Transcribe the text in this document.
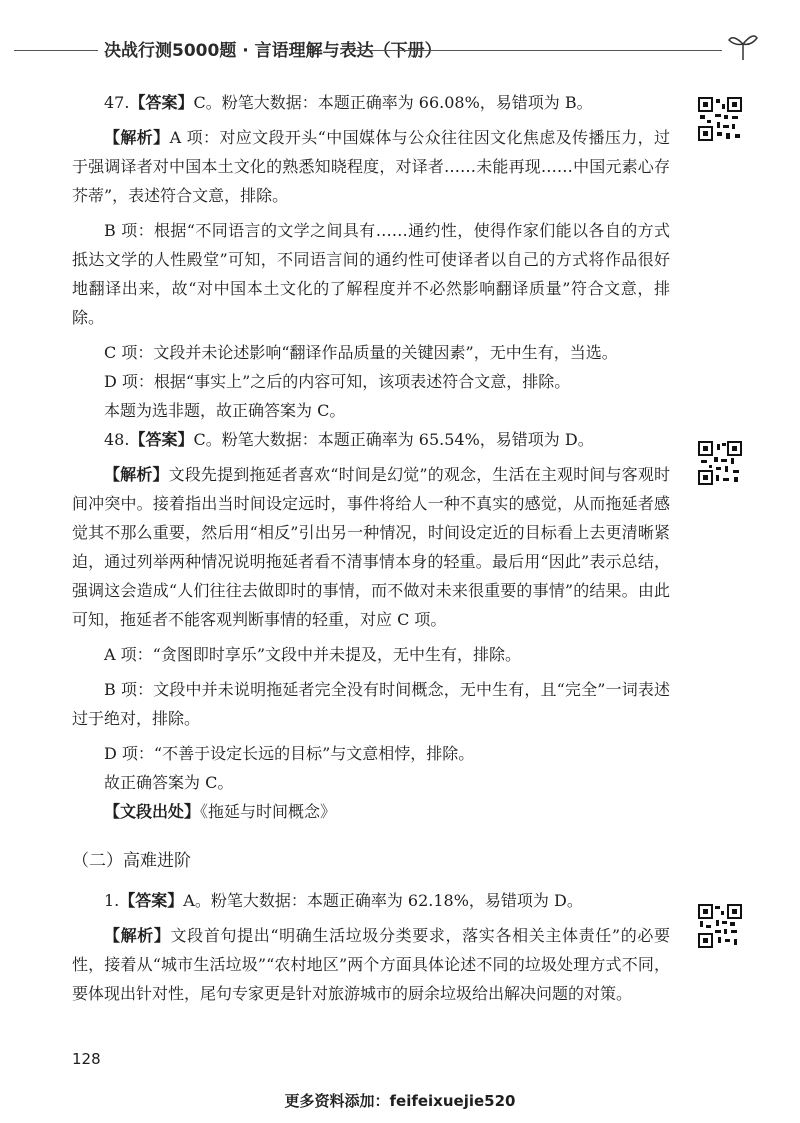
决战行测5000题 · 言语理解与表达（下册）

47.【答案】C。粉笔大数据：本题正确率为 66.08%，易错项为 B。

【解析】A 项：对应文段开头“中国媒体与公众往往因文化焦虑及传播压力，过于强调译者对中国本土文化的熟悉知晓程度，对译者……未能再现……中国元素心存芥蒂”，表述符合文意，排除。

B 项：根据“不同语言的文学之间具有……通约性，使得作家们能以各自的方式抵达文学的人性殿堂”可知，不同语言间的通约性可使译者以自己的方式将作品很好地翻译出来，故“对中国本土文化的了解程度并不必然影响翻译质量”符合文意，排除。

C 项：文段并未论述影响“翻译作品质量的关键因素”，无中生有，当选。

D 项：根据“事实上”之后的内容可知，该项表述符合文意，排除。

本题为选非题，故正确答案为 C。

48.【答案】C。粉笔大数据：本题正确率为 65.54%，易错项为 D。

【解析】文段先提到拖延者喜欢“时间是幻觉”的观念，生活在主观时间与客观时间冲突中。接着指出当时间设定远时，事件将给人一种不真实的感觉，从而拖延者感觉其不那么重要，然后用“相反”引出另一种情况，时间设定近的目标看上去更清晰紧迫，通过列举两种情况说明拖延者看不清事情本身的轻重。最后用“因此”表示总结，强调这会造成“人们往往去做即时的事情，而不做对未来很重要的事情”的结果。由此可知，拖延者不能客观判断事情的轻重，对应 C 项。

A 项：“贪图即时享乐”文段中并未提及，无中生有，排除。

B 项：文段中并未说明拖延者完全没有时间概念，无中生有，且“完全”一词表述过于绝对，排除。

D 项：“不善于设定长远的目标”与文意相悖，排除。

故正确答案为 C。

【文段出处】《拖延与时间概念》

（二）高难进阶

1.【答案】A。粉笔大数据：本题正确率为 62.18%，易错项为 D。

【解析】文段首句提出“明确生活垃圾分类要求，落实各相关主体责任”的必要性，接着从“城市生活垃圾”“农村地区”两个方面具体论述不同的垃圾处理方式不同，要体现出针对性，尾句专家更是针对旅游城市的厨余垃圾给出解决问题的对策。

128
更多资料添加：feifeixuejie520
